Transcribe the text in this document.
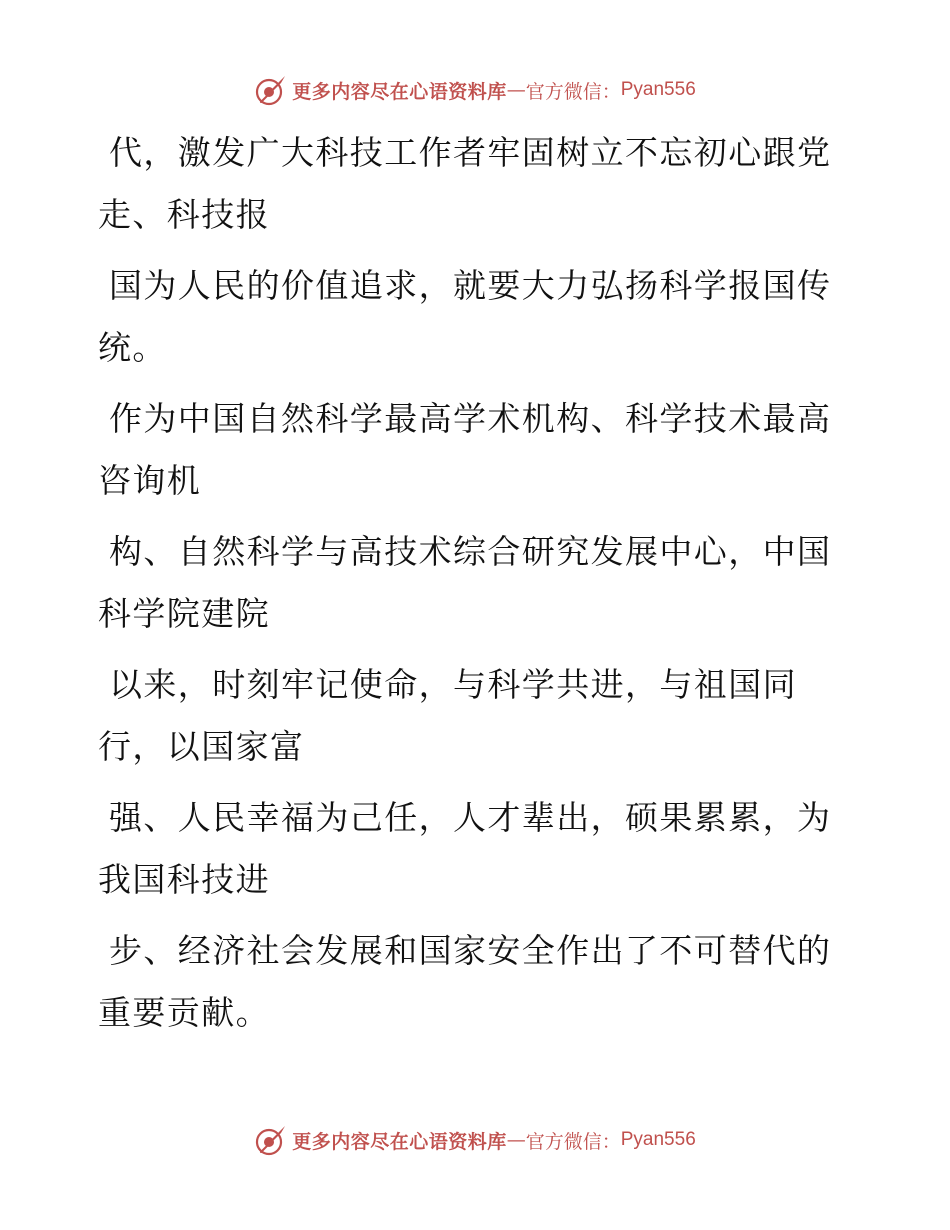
更多内容尽在心语资料库 — 官方微信： Pyan556
代，激发广大科技工作者牢固树立不忘初心跟党
走、科技报
国为人民的价值追求，就要大力弘扬科学报国传
统。
作为中国自然科学最高学术机构、科学技术最高
咨询机
构、自然科学与高技术综合研究发展中心，中国
科学院建院
以来，时刻牢记使命，与科学共进，与祖国同
行，以国家富
强、人民幸福为己任，人才辈出，硕果累累，为
我国科技进
步、经济社会发展和国家安全作出了不可替代的
重要贡献。
更多内容尽在心语资料库 — 官方微信： Pyan556
